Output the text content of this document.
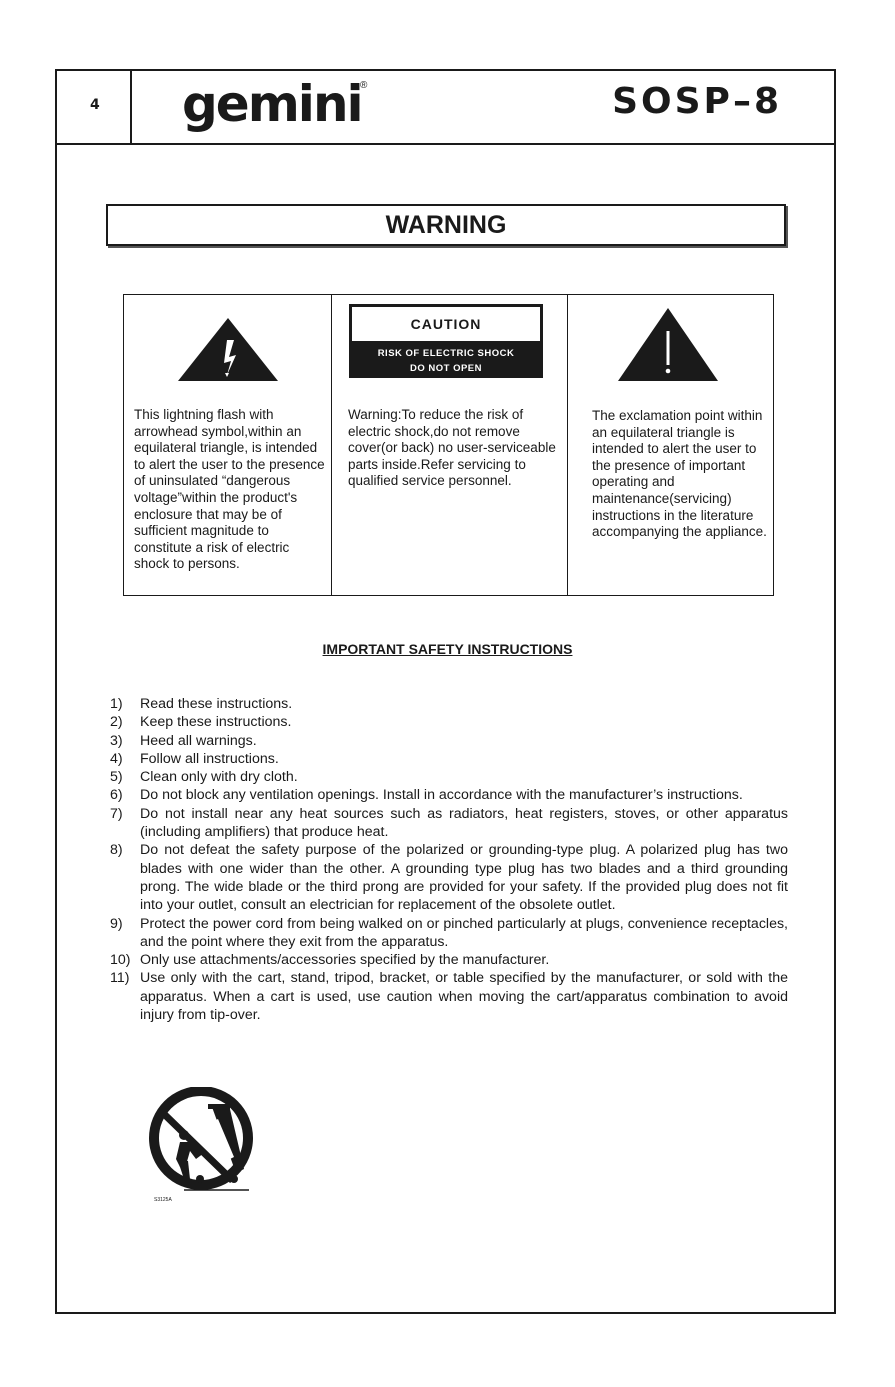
4 gemini
®	SOSP–8
WARNING
This lightning flash with arrowhead symbol,within an equilateral triangle, is intended to alert the user to the presence of uninsulated “dangerous voltage”within the product's enclosure that may be of sufficient magnitude to constitute a risk of electric shock to persons.
CAUTION
RISK OF ELECTRIC SHOCK
DO NOT OPEN
Warning:To reduce the risk of electric shock,do not remove cover(or back) no user-serviceable parts inside.Refer servicing to qualified service personnel.
The exclamation point within an equilateral triangle is intended to alert the user to the presence of important operating and maintenance(servicing) instructions in the literature accompanying the appliance.
IMPORTANT SAFETY INSTRUCTIONS
1) Read these instructions.
2) Keep these instructions.
3) Heed all warnings.
4) Follow all instructions.
5) Clean only with dry cloth.
6) Do not block any ventilation openings. Install in accordance with the manufacturer’s instructions.
7) Do not install near any heat sources such as radiators, heat registers, stoves, or other apparatus (including amplifiers) that produce heat.
8) Do not defeat the safety purpose of the polarized or grounding-type plug. A polarized plug has two blades with one wider than the other. A grounding type plug has two blades and a third grounding prong. The wide blade or the third prong are provided for your safety. If the provided plug does not fit into your outlet, consult an electrician for replacement of the obsolete outlet.
9) Protect the power cord from being walked on or pinched particularly at plugs, convenience receptacles, and the point where they exit from the apparatus.
10) Only use attachments/accessories specified by the manufacturer.
11) Use only with the cart, stand, tripod, bracket, or table specified by the manufacturer, or sold with the apparatus. When a cart is used, use caution when moving the cart/apparatus combination to avoid injury from tip-over.
S3125A
